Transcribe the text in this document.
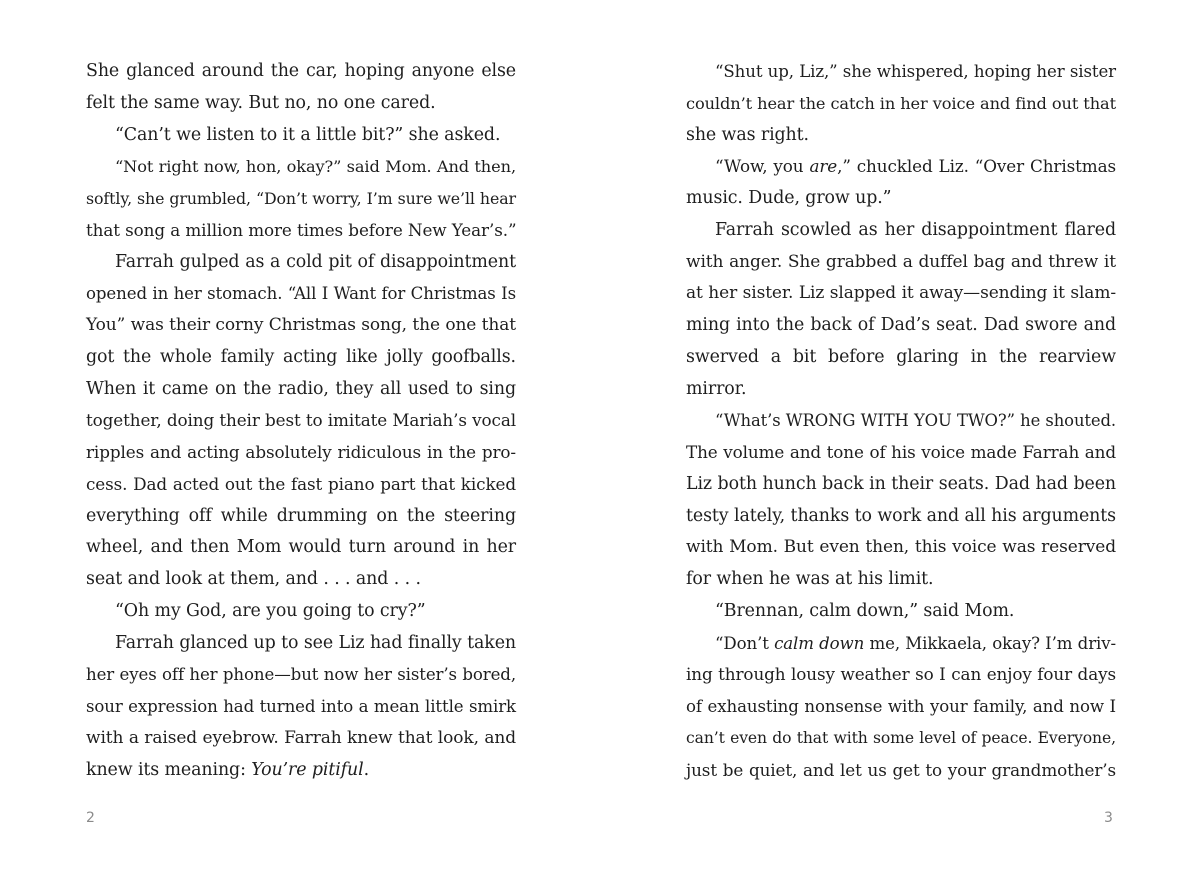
She glanced around the car, hoping anyone else
felt the same way. But no, no one cared.
“Can’t we listen to it a little bit?” she asked.
“Not right now, hon, okay?” said Mom. And then,
softly, she grumbled, “Don’t worry, I’m sure we’ll hear
that song a million more times before New Year’s.”
Farrah gulped as a cold pit of disappointment
opened in her stomach. “All I Want for Christmas Is
You” was their corny Christmas song, the one that
got the whole family acting like jolly goofballs.
When it came on the radio, they all used to sing
together, doing their best to imitate Mariah’s vocal
ripples and acting absolutely ridiculous in the pro-
cess. Dad acted out the fast piano part that kicked
everything off while drumming on the steering
wheel, and then Mom would turn around in her
seat and look at them, and . . . and . . .
“Oh my God, are you going to cry?”
Farrah glanced up to see Liz had finally taken
her eyes off her phone—but now her sister’s bored,
sour expression had turned into a mean little smirk
with a raised eyebrow. Farrah knew that look, and
knew its meaning: You’re pitiful.
2
“Shut up, Liz,” she whispered, hoping her sister
couldn’t hear the catch in her voice and find out that
she was right.
“Wow, you are,” chuckled Liz. “Over Christmas
music. Dude, grow up.”
Farrah scowled as her disappointment flared
with anger. She grabbed a duffel bag and threw it
at her sister. Liz slapped it away—sending it slam-
ming into the back of Dad’s seat. Dad swore and
swerved a bit before glaring in the rearview
mirror.
“What’s WRONG WITH YOU TWO?” he shouted.
The volume and tone of his voice made Farrah and
Liz both hunch back in their seats. Dad had been
testy lately, thanks to work and all his arguments
with Mom. But even then, this voice was reserved
for when he was at his limit.
“Brennan, calm down,” said Mom.
“Don’t calm down me, Mikkaela, okay? I’m driv-
ing through lousy weather so I can enjoy four days
of exhausting nonsense with your family, and now I
can’t even do that with some level of peace. Everyone,
just be quiet, and let us get to your grandmother’s
3
